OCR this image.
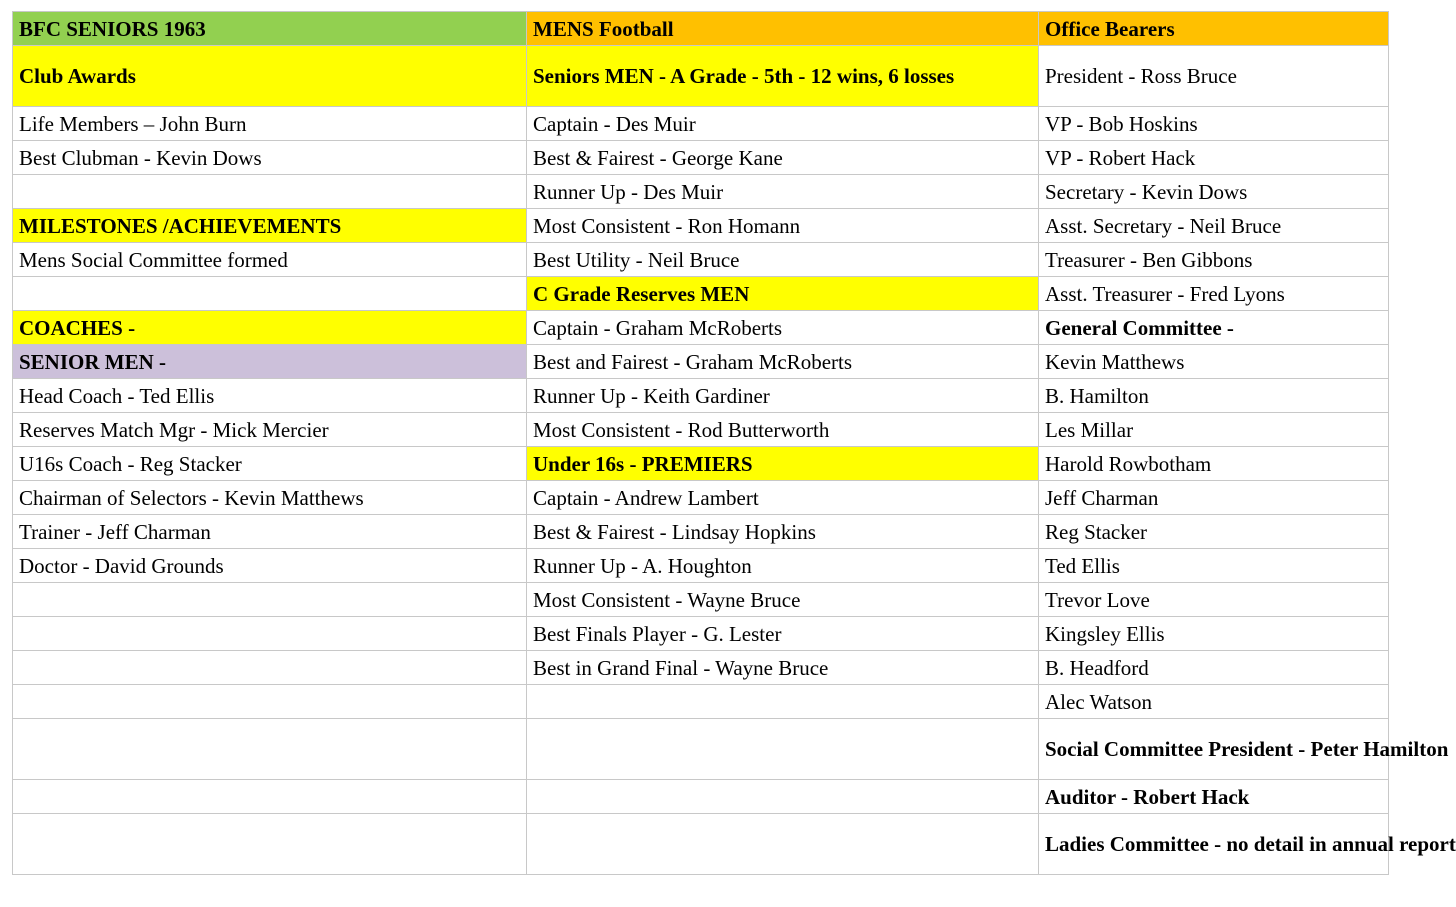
BFC SENIORS 1963	MENS Football	Office Bearers
Club Awards	Seniors MEN - A Grade - 5th - 12 wins, 6 losses	President - Ross Bruce
Life Members – John Burn	Captain - Des Muir	VP - Bob Hoskins
Best Clubman - Kevin Dows	Best & Fairest - George Kane	VP - Robert Hack
	Runner Up - Des Muir	Secretary - Kevin Dows
MILESTONES /ACHIEVEMENTS	Most Consistent - Ron Homann	Asst. Secretary - Neil Bruce
Mens Social Committee formed	Best Utility - Neil Bruce	Treasurer - Ben Gibbons
	C Grade Reserves MEN	Asst. Treasurer - Fred Lyons
COACHES -	Captain - Graham McRoberts	General Committee -
SENIOR MEN -	Best and Fairest - Graham McRoberts	Kevin Matthews
Head Coach - Ted Ellis	Runner Up - Keith Gardiner	B. Hamilton
Reserves Match Mgr - Mick Mercier	Most Consistent - Rod Butterworth	Les Millar
U16s Coach - Reg Stacker	Under 16s - PREMIERS	Harold Rowbotham
Chairman of Selectors - Kevin Matthews	Captain - Andrew Lambert	Jeff Charman
Trainer - Jeff Charman	Best & Fairest - Lindsay Hopkins	Reg Stacker
Doctor - David Grounds	Runner Up - A. Houghton	Ted Ellis
	Most Consistent - Wayne Bruce	Trevor Love
	Best Finals Player - G. Lester	Kingsley Ellis
	Best in Grand Final - Wayne Bruce	B. Headford
		Alec Watson
		Social Committee President - Peter Hamilton
		Auditor - Robert Hack
		Ladies Committee - no detail in annual report
